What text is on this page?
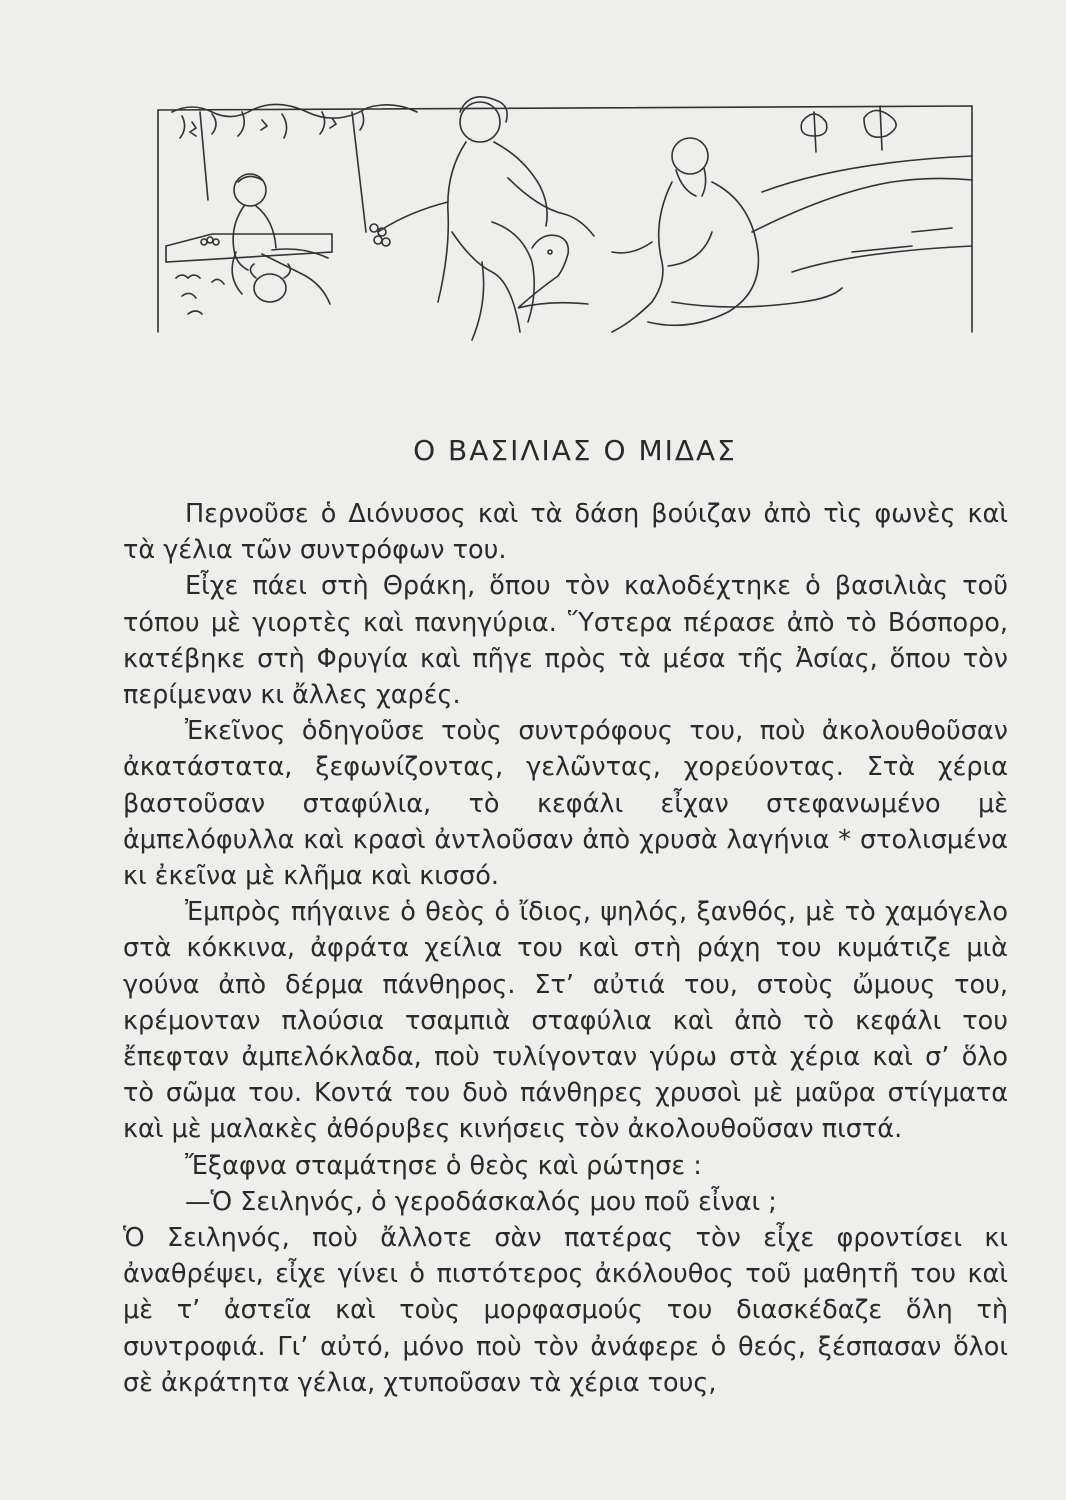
Ο ΒΑΣΙΛΙΑΣ Ο ΜΙΔΑΣ

Περνοῦσε ὁ Διόνυσος καὶ τὰ δάση βούιζαν ἀπὸ τὶς φωνὲς καὶ τὰ γέλια τῶν συντρόφων του.

Εἶχε πάει στὴ Θράκη, ὅπου τὸν καλοδέχτηκε ὁ βασιλιὰς τοῦ τόπου μὲ γιορτὲς καὶ πανηγύρια. Ὕστερα πέρασε ἀπὸ τὸ Βόσπορο, κατέβηκε στὴ Φρυγία καὶ πῆγε πρὸς τὰ μέσα τῆς Ἀσίας, ὅπου τὸν περίμεναν κι ἄλλες χαρές.

Ἐκεῖνος ὁδηγοῦσε τοὺς συντρόφους του, ποὺ ἀκολουθοῦσαν ἀκατάστατα, ξεφωνίζοντας, γελῶντας, χορεύοντας. Στὰ χέρια βαστοῦσαν σταφύλια, τὸ κεφάλι εἶχαν στεφανωμένο μὲ ἀμπελόφυλλα καὶ κρασὶ ἀντλοῦσαν ἀπὸ χρυσὰ λαγήνια * στολισμένα κι ἐκεῖνα μὲ κλῆμα καὶ κισσό.

Ἐμπρὸς πήγαινε ὁ θεὸς ὁ ἴδιος, ψηλός, ξανθός, μὲ τὸ χαμόγελο στὰ κόκκινα, ἀφράτα χείλια του καὶ στὴ ράχη του κυμάτιζε μιὰ γούνα ἀπὸ δέρμα πάνθηρος. Στ’ αὐτιά του, στοὺς ὤμους του, κρέμονταν πλούσια τσαμπιὰ σταφύλια καὶ ἀπὸ τὸ κεφάλι του ἔπεφταν ἀμπελόκλαδα, ποὺ τυλίγονταν γύρω στὰ χέρια καὶ σ’ ὅλο τὸ σῶμα του. Κοντά του δυὸ πάνθηρες χρυσοὶ μὲ μαῦρα στίγματα καὶ μὲ μαλακὲς ἀθόρυβες κινήσεις τὸν ἀκολουθοῦσαν πιστά.

Ἔξαφνα σταμάτησε ὁ θεὸς καὶ ρώτησε :

—Ὁ Σειληνός, ὁ γεροδάσκαλός μου ποῦ εἶναι ;

Ὁ Σειληνός, ποὺ ἄλλοτε σὰν πατέρας τὸν εἶχε φροντίσει κι ἀναθρέψει, εἶχε γίνει ὁ πιστότερος ἀκόλουθος τοῦ μαθητῆ του καὶ μὲ τ’ ἀστεῖα καὶ τοὺς μορφασμούς του διασκέδαζε ὅλη τὴ συντροφιά. Γι’ αὐτό, μόνο ποὺ τὸν ἀνάφερε ὁ θεός, ξέσπασαν ὅλοι σὲ ἀκράτητα γέλια, χτυποῦσαν τὰ χέρια τους,
